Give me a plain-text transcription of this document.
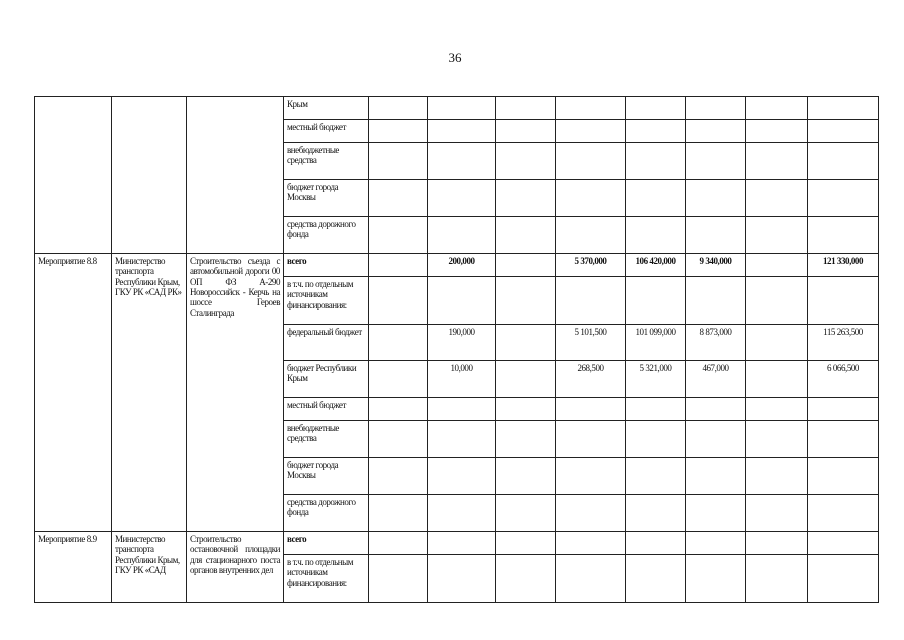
36
			Крым								
			местный бюджет								
			внебюджетные средства								
			бюджет города Москвы								
			средства дорожного фонда								
Мероприятие 8.8	Министерство транспорта Республики Крым, ГКУ РК «САД РК»	Строительство съезда с автомобильной дороги 00 ОП ФЗ А-290 Новороссийск - Керчь на шоссе Героев Сталинграда	всего		200,000		5 370,000	106 420,000	9 340,000		121 330,000
			в т.ч. по отдельным источникам финансирования:								
			федеральный бюджет		190,000		5 101,500	101 099,000	8 873,000		115 263,500
			бюджет Республики Крым		10,000		268,500	5 321,000	467,000		6 066,500
			местный бюджет								
			внебюджетные средства								
			бюджет города Москвы								
			средства дорожного фонда								
Мероприятие 8.9	Министерство транспорта Республики Крым, ГКУ РК «САД	Строительство остановочной площадки для стационарного поста органов внутренних дел	всего								
			в т.ч. по отдельным источникам финансирования:								
